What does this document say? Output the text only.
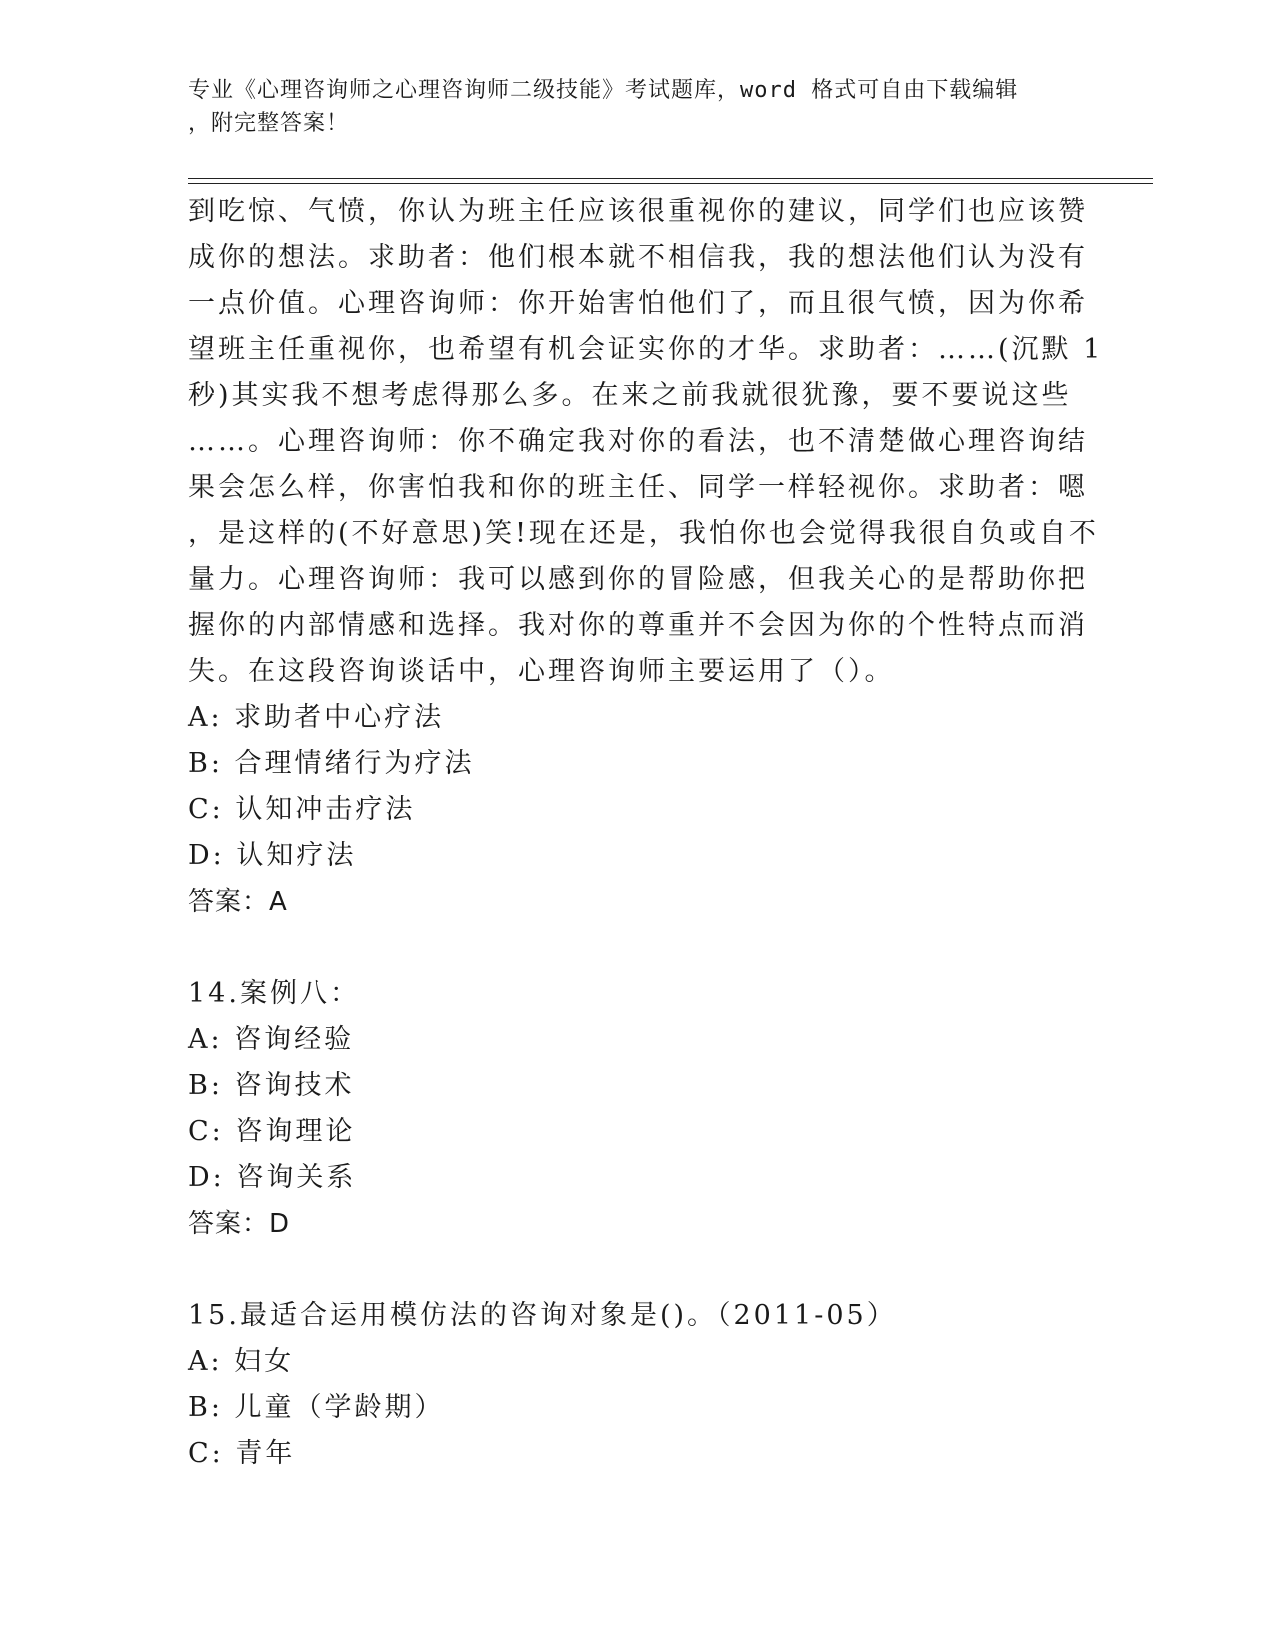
专业《心理咨询师之心理咨询师二级技能》考试题库，word 格式可自由下载编辑
，附完整答案！
到吃惊、气愤，你认为班主任应该很重视你的建议，同学们也应该赞
成你的想法。求助者：他们根本就不相信我，我的想法他们认为没有
一点价值。心理咨询师：你开始害怕他们了，而且很气愤，因为你希
望班主任重视你，也希望有机会证实你的才华。求助者：……(沉默 1
秒)其实我不想考虑得那么多。在来之前我就很犹豫，要不要说这些
……。心理咨询师：你不确定我对你的看法，也不清楚做心理咨询结
果会怎么样，你害怕我和你的班主任、同学一样轻视你。求助者：嗯
，是这样的(不好意思)笑!现在还是，我怕你也会觉得我很自负或自不
量力。心理咨询师：我可以感到你的冒险感，但我关心的是帮助你把
握你的内部情感和选择。我对你的尊重并不会因为你的个性特点而消
失。在这段咨询谈话中，心理咨询师主要运用了（）。
A: 求助者中心疗法
B: 合理情绪行为疗法
C: 认知冲击疗法
D: 认知疗法
答案：A
14.案例八：
A: 咨询经验
B: 咨询技术
C: 咨询理论
D: 咨询关系
答案：D
15.最适合运用模仿法的咨询对象是()。（2011-05）
A: 妇女
B: 儿童（学龄期）
C: 青年
